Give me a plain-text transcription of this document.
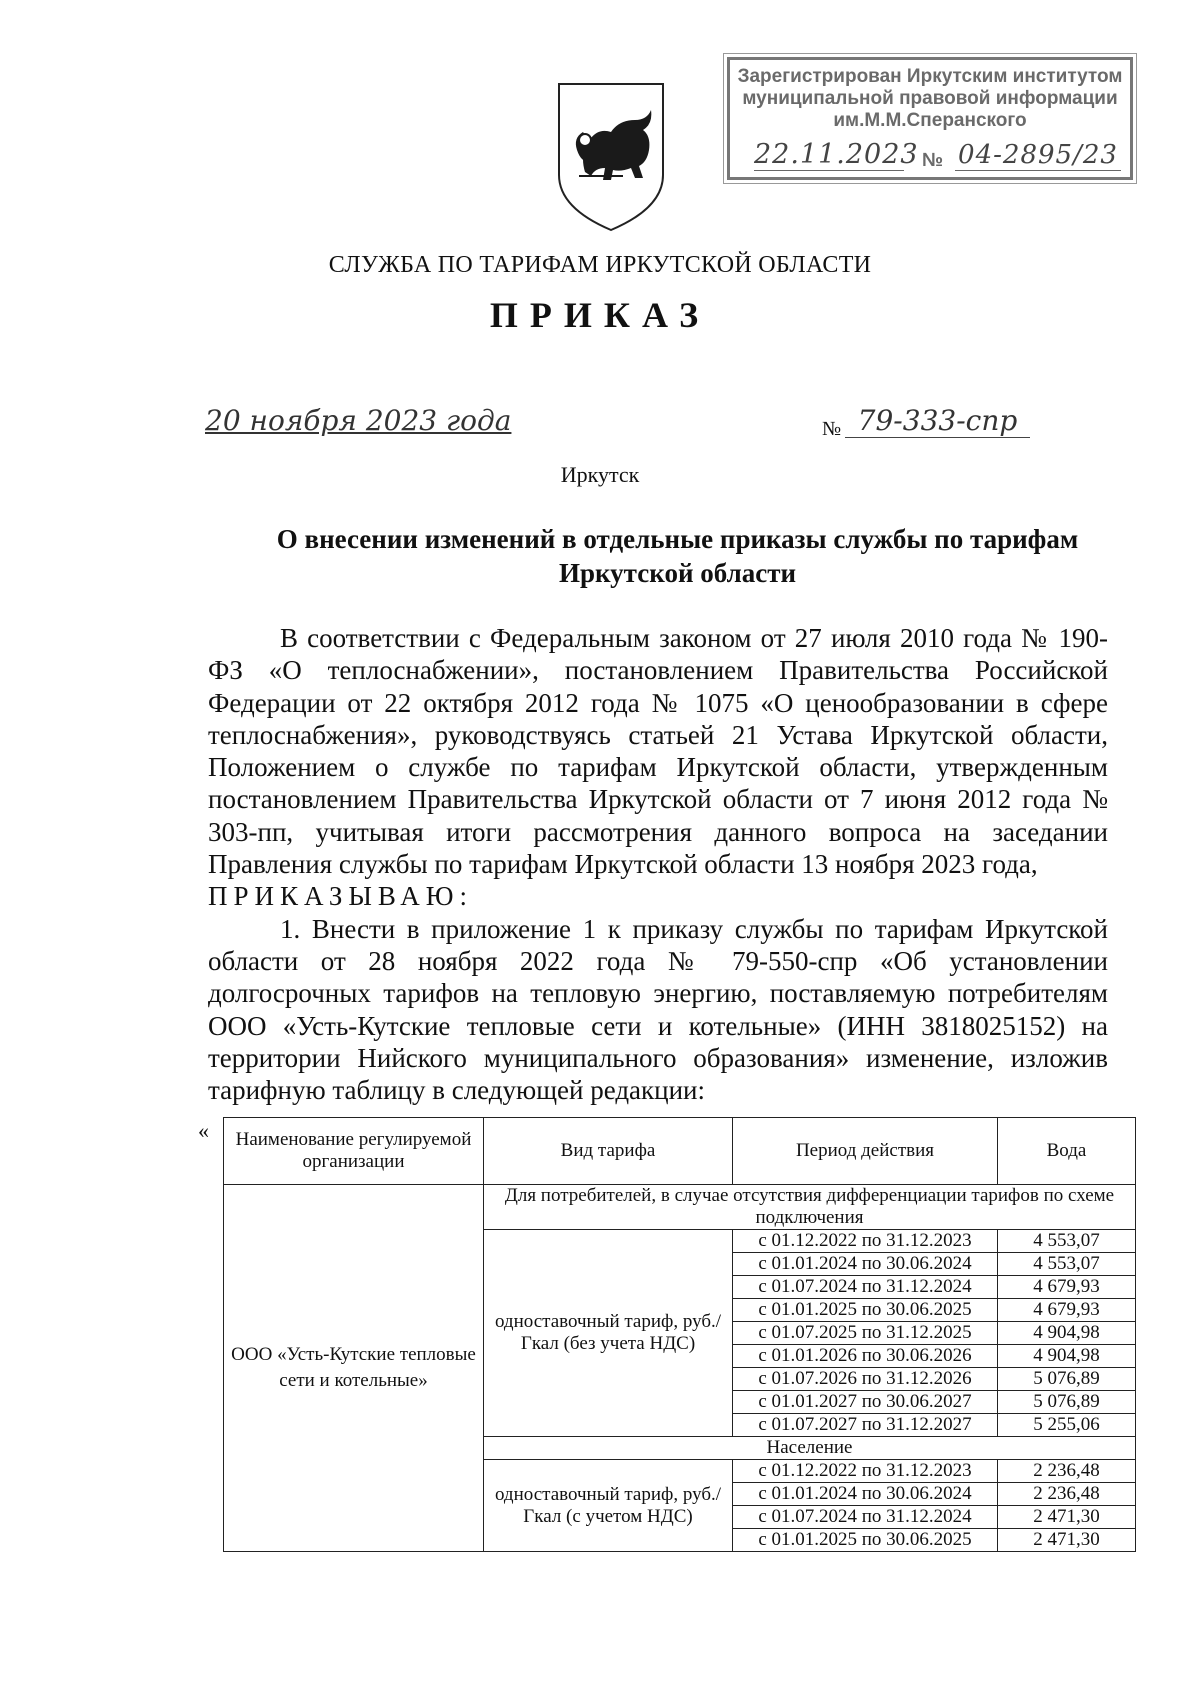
Зарегистрирован Иркутским институтом
муниципальной правовой информации
им.М.М.Сперанского
22.11.2023 № 04-2895/23
СЛУЖБА ПО ТАРИФАМ ИРКУТСКОЙ ОБЛАСТИ
ПРИКАЗ
20 ноября 2023 года	№ 79-333-спр
Иркутск
О внесении изменений в отдельные приказы службы по тарифам Иркутской области

В соответствии с Федеральным законом от 27 июля 2010 года № 190-ФЗ «О теплоснабжении», постановлением Правительства Российской Федерации от 22 октября 2012 года № 1075 «О ценообразовании в сфере теплоснабжения», руководствуясь статьей 21 Устава Иркутской области, Положением о службе по тарифам Иркутской области, утвержденным постановлением Правительства Иркутской области от 7 июня 2012 года № 303-пп, учитывая итоги рассмотрения данного вопроса на заседании Правления службы по тарифам Иркутской области 13 ноября 2023 года,

ПРИКАЗЫВАЮ:

1. Внести в приложение 1 к приказу службы по тарифам Иркутской области от 28 ноября 2022 года № 79-550-спр «Об установлении долгосрочных тарифов на тепловую энергию, поставляемую потребителям ООО «Усть-Кутские тепловые сети и котельные» (ИНН 3818025152) на территории Нийского муниципального образования» изменение, изложив тарифную таблицу в следующей редакции:

« Наименование регулируемой организации	Вид тарифа	Период действия	Вода
ООО «Усть-Кутские тепловые сети и котельные»	Для потребителей, в случае отсутствия дифференциации тарифов по схеме подключения		
	одноставочный тариф, руб./Гкал (без учета НДС)	с 01.12.2022 по 31.12.2023	4 553,07
		с 01.01.2024 по 30.06.2024	4 553,07
		с 01.07.2024 по 31.12.2024	4 679,93
		с 01.01.2025 по 30.06.2025	4 679,93
		с 01.07.2025 по 31.12.2025	4 904,98
		с 01.01.2026 по 30.06.2026	4 904,98
		с 01.07.2026 по 31.12.2026	5 076,89
		с 01.01.2027 по 30.06.2027	5 076,89
		с 01.07.2027 по 31.12.2027	5 255,06
	Население		
	одноставочный тариф, руб./Гкал (с учетом НДС)	с 01.12.2022 по 31.12.2023	2 236,48
		с 01.01.2024 по 30.06.2024	2 236,48
		с 01.07.2024 по 31.12.2024	2 471,30
		с 01.01.2025 по 30.06.2025	2 471,30
